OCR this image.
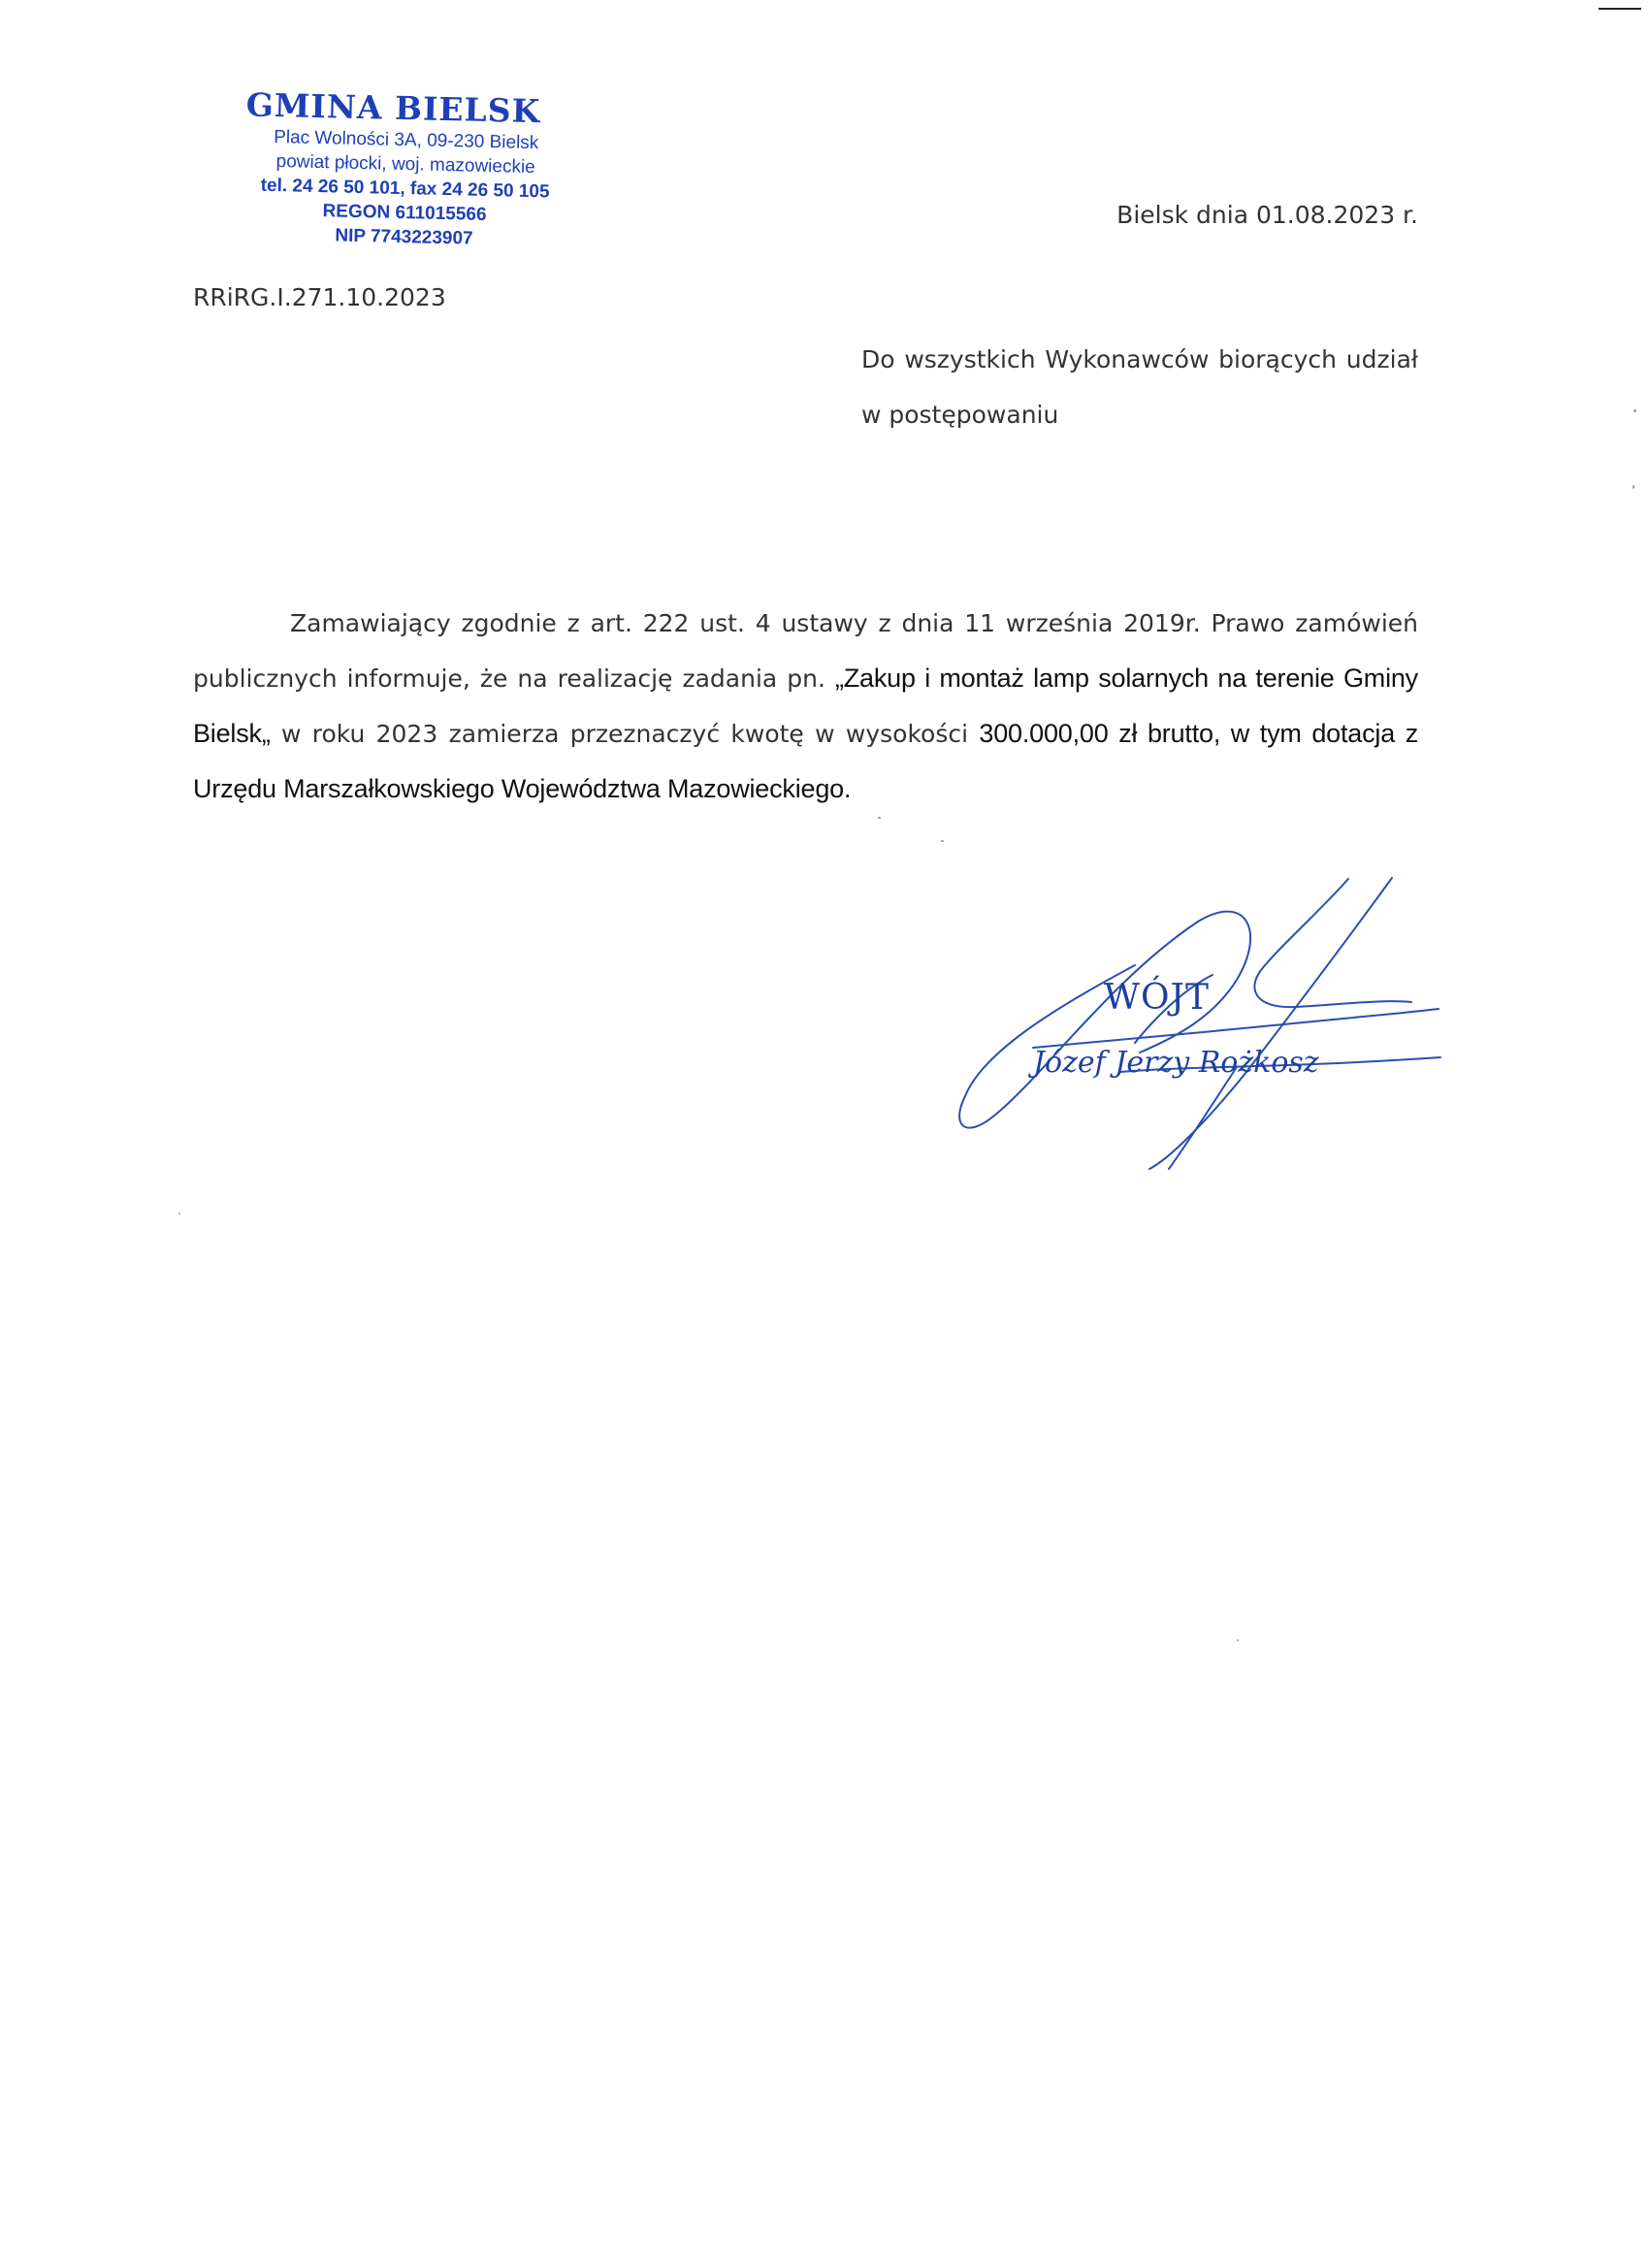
GMINA BIELSK
Plac Wolności 3A, 09-230 Bielsk
powiat płocki, woj. mazowieckie
tel. 24 26 50 101, fax 24 26 50 105
REGON 611015566
NIP 7743223907
Bielsk dnia 01.08.2023 r.
RRiRG.I.271.10.2023
Do wszystkich Wykonawców biorących udział w postępowaniu
Zamawiający zgodnie z art. 222 ust. 4 ustawy z dnia 11 września 2019r. Prawo zamówień publicznych informuje, że na realizację zadania pn. „Zakup i montaż lamp solarnych na terenie Gminy Bielsk„ w roku 2023 zamierza przeznaczyć kwotę w wysokości 300.000,00 zł brutto, w tym dotacja z Urzędu Marszałkowskiego Województwa Mazowieckiego.
WÓJT
Józef Jerzy Rożkosz
